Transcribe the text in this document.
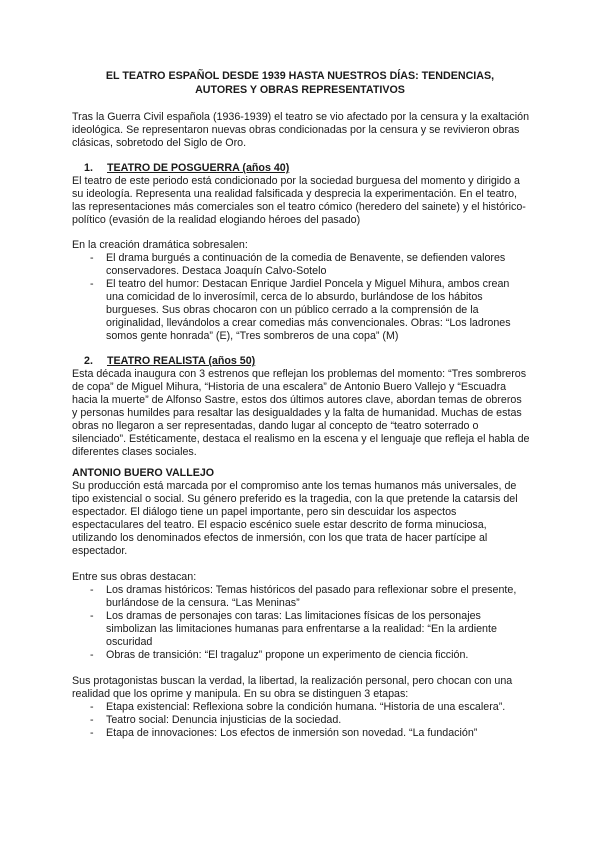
EL TEATRO ESPAÑOL DESDE 1939 HASTA NUESTROS DÍAS: TENDENCIAS,
AUTORES Y OBRAS REPRESENTATIVOS

Tras la Guerra Civil española (1936-1939) el teatro se vio afectado por la censura y la exaltación ideológica. Se representaron nuevas obras condicionadas por la censura y se revivieron obras clásicas, sobretodo del Siglo de Oro.

1. TEATRO DE POSGUERRA (años 40)

El teatro de este periodo está condicionado por la sociedad burguesa del momento y dirigido a su ideología. Representa una realidad falsificada y desprecia la experimentación. En el teatro, las representaciones más comerciales son el teatro cómico (heredero del sainete) y el histórico-político (evasión de la realidad elogiando héroes del pasado)

En la creación dramática sobresalen:

- El drama burgués a continuación de la comedia de Benavente, se defienden valores conservadores. Destaca Joaquín Calvo-Sotelo
- El teatro del humor: Destacan Enrique Jardiel Poncela y Miguel Mihura, ambos crean una comicidad de lo inverosímil, cerca de lo absurdo, burlándose de los hábitos burgueses. Sus obras chocaron con un público cerrado a la comprensión de la originalidad, llevándolos a crear comedias más convencionales. Obras: “Los ladrones somos gente honrada” (E), “Tres sombreros de una copa” (M)
2. TEATRO REALISTA (años 50)

Esta década inaugura con 3 estrenos que reflejan los problemas del momento: “Tres sombreros de copa” de Miguel Mihura, “Historia de una escalera” de Antonio Buero Vallejo y “Escuadra hacia la muerte” de Alfonso Sastre, estos dos últimos autores clave, abordan temas de obreros y personas humildes para resaltar las desigualdades y la falta de humanidad. Muchas de estas obras no llegaron a ser representadas, dando lugar al concepto de “teatro soterrado o silenciado”. Estéticamente, destaca el realismo en la escena y el lenguaje que refleja el habla de diferentes clases sociales.

ANTONIO BUERO VALLEJO

Su producción está marcada por el compromiso ante los temas humanos más universales, de tipo existencial o social. Su género preferido es la tragedia, con la que pretende la catarsis del espectador. El diálogo tiene un papel importante, pero sin descuidar los aspectos espectaculares del teatro. El espacio escénico suele estar descrito de forma minuciosa, utilizando los denominados efectos de inmersión, con los que trata de hacer partícipe al espectador.

Entre sus obras destacan:

- Los dramas históricos: Temas históricos del pasado para reflexionar sobre el presente, burlándose de la censura. “Las Meninas”
- Los dramas de personajes con taras: Las limitaciones físicas de los personajes simbolizan las limitaciones humanas para enfrentarse a la realidad: “En la ardiente oscuridad
- Obras de transición: “El tragaluz” propone un experimento de ciencia ficción.

Sus protagonistas buscan la verdad, la libertad, la realización personal, pero chocan con una realidad que los oprime y manipula. En su obra se distinguen 3 etapas:

- Etapa existencial: Reflexiona sobre la condición humana. “Historia de una escalera”.
- Teatro social: Denuncia injusticias de la sociedad.
- Etapa de innovaciones: Los efectos de inmersión son novedad. “La fundación”
